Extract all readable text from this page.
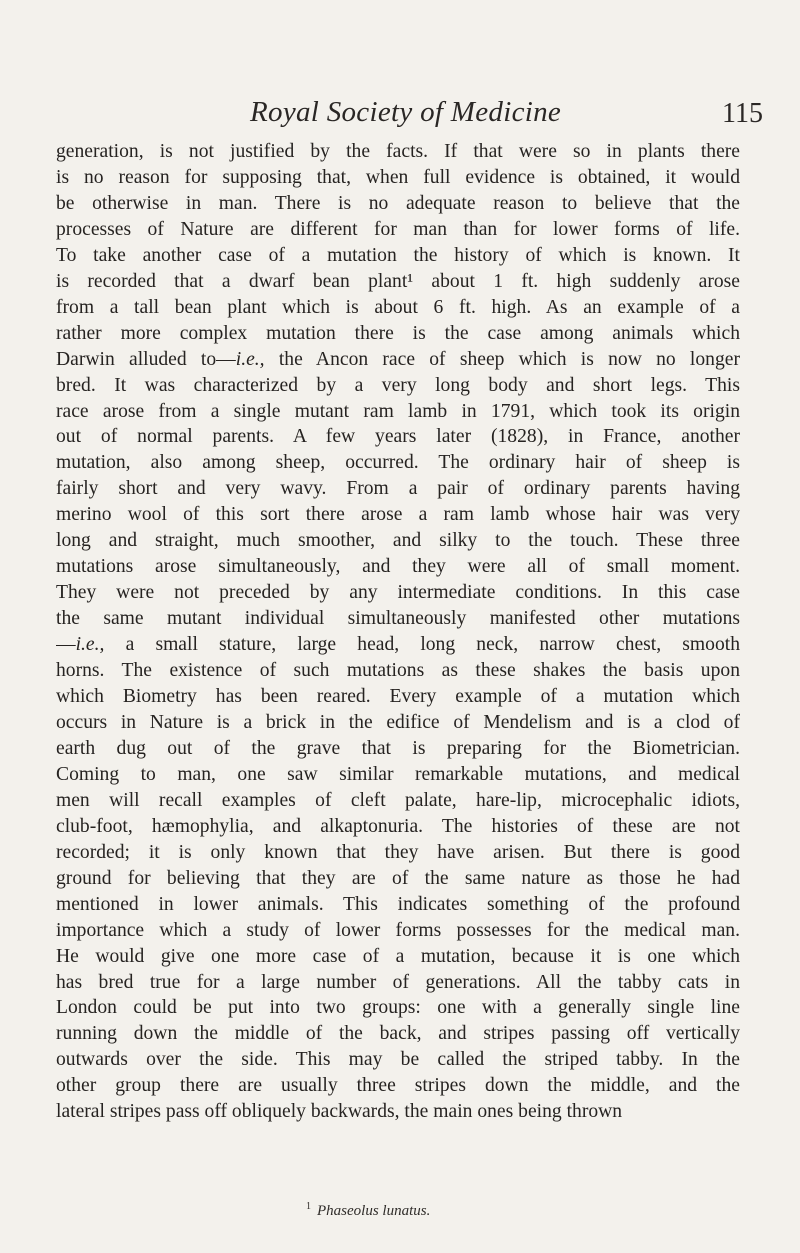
Royal Society of Medicine	115
generation, is not justified by the facts. If that were so in plants there
is no reason for supposing that, when full evidence is obtained, it would
be otherwise in man. There is no adequate reason to believe that the
processes of Nature are different for man than for lower forms of life.
To take another case of a mutation the history of which is known. It
is recorded that a dwarf bean plant¹ about 1 ft. high suddenly arose
from a tall bean plant which is about 6 ft. high. As an example of a
rather more complex mutation there is the case among animals which
Darwin alluded to—i.e., the Ancon race of sheep which is now no longer
bred. It was characterized by a very long body and short legs. This
race arose from a single mutant ram lamb in 1791, which took its origin
out of normal parents. A few years later (1828), in France, another
mutation, also among sheep, occurred. The ordinary hair of sheep is
fairly short and very wavy. From a pair of ordinary parents having
merino wool of this sort there arose a ram lamb whose hair was very
long and straight, much smoother, and silky to the touch. These three
mutations arose simultaneously, and they were all of small moment.
They were not preceded by any intermediate conditions. In this case
the same mutant individual simultaneously manifested other mutations
—i.e., a small stature, large head, long neck, narrow chest, smooth
horns. The existence of such mutations as these shakes the basis upon
which Biometry has been reared. Every example of a mutation which
occurs in Nature is a brick in the edifice of Mendelism and is a clod of
earth dug out of the grave that is preparing for the Biometrician.
Coming to man, one saw similar remarkable mutations, and medical
men will recall examples of cleft palate, hare-lip, microcephalic idiots,
club-foot, hæmophylia, and alkaptonuria. The histories of these are not
recorded; it is only known that they have arisen. But there is good
ground for believing that they are of the same nature as those he had
mentioned in lower animals. This indicates something of the profound
importance which a study of lower forms possesses for the medical man.
He would give one more case of a mutation, because it is one which
has bred true for a large number of generations. All the tabby cats in
London could be put into two groups: one with a generally single line
running down the middle of the back, and stripes passing off vertically
outwards over the side. This may be called the striped tabby. In the
other group there are usually three stripes down the middle, and the
lateral stripes pass off obliquely backwards, the main ones being thrown
$^1$ Phaseolus lunatus.
